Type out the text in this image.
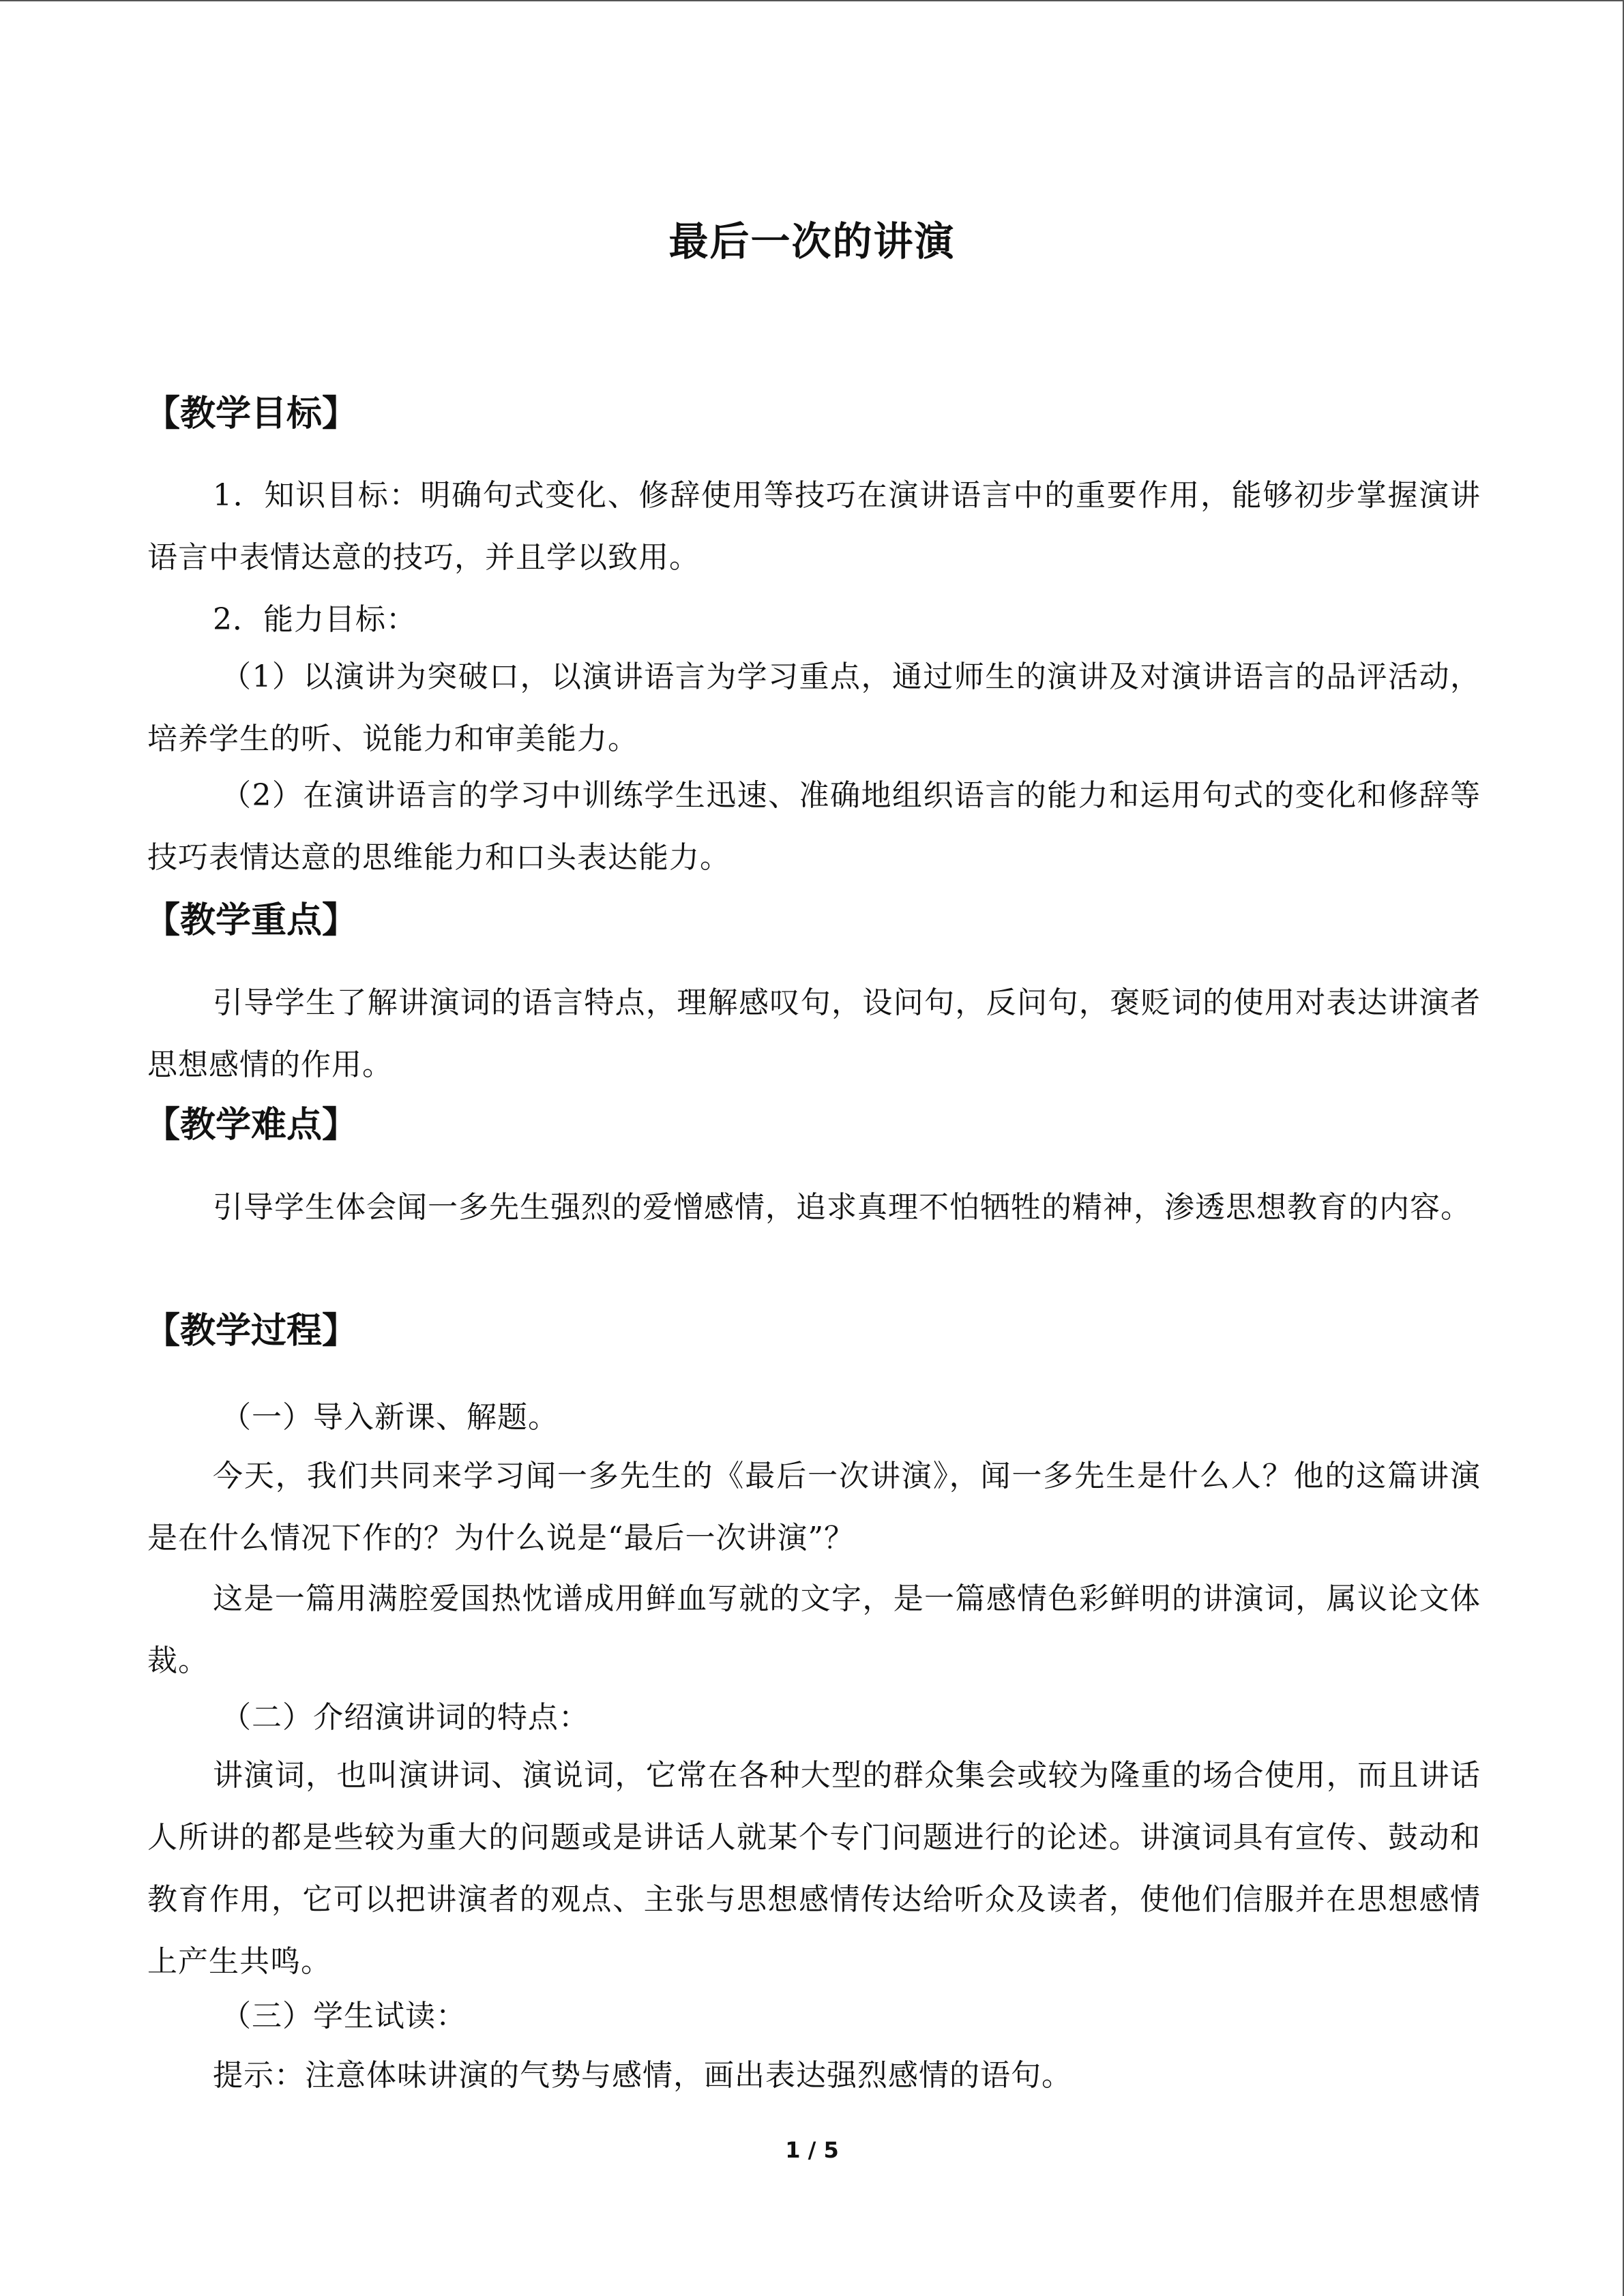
最后一次的讲演
【教学目标】
1．知识目标：明确句式变化、修辞使用等技巧在演讲语言中的重要作用，能够初步掌握演讲语言中表情达意的技巧，并且学以致用。
2．能力目标：
（1）以演讲为突破口，以演讲语言为学习重点，通过师生的演讲及对演讲语言的品评活动，培养学生的听、说能力和审美能力。
（2）在演讲语言的学习中训练学生迅速、准确地组织语言的能力和运用句式的变化和修辞等技巧表情达意的思维能力和口头表达能力。
【教学重点】
引导学生了解讲演词的语言特点，理解感叹句，设问句，反问句，褒贬词的使用对表达讲演者思想感情的作用。
【教学难点】
引导学生体会闻一多先生强烈的爱憎感情，追求真理不怕牺牲的精神，渗透思想教育的内容。
【教学过程】
（一）导入新课、解题。
今天，我们共同来学习闻一多先生的《最后一次讲演》，闻一多先生是什么人？他的这篇讲演是在什么情况下作的？为什么说是“最后一次讲演”？
这是一篇用满腔爱国热忱谱成用鲜血写就的文字，是一篇感情色彩鲜明的讲演词，属议论文体裁。
（二）介绍演讲词的特点：
讲演词，也叫演讲词、演说词，它常在各种大型的群众集会或较为隆重的场合使用，而且讲话人所讲的都是些较为重大的问题或是讲话人就某个专门问题进行的论述。讲演词具有宣传、鼓动和教育作用，它可以把讲演者的观点、主张与思想感情传达给听众及读者，使他们信服并在思想感情上产生共鸣。
（三）学生试读：
提示：注意体味讲演的气势与感情，画出表达强烈感情的语句。
1 / 5
